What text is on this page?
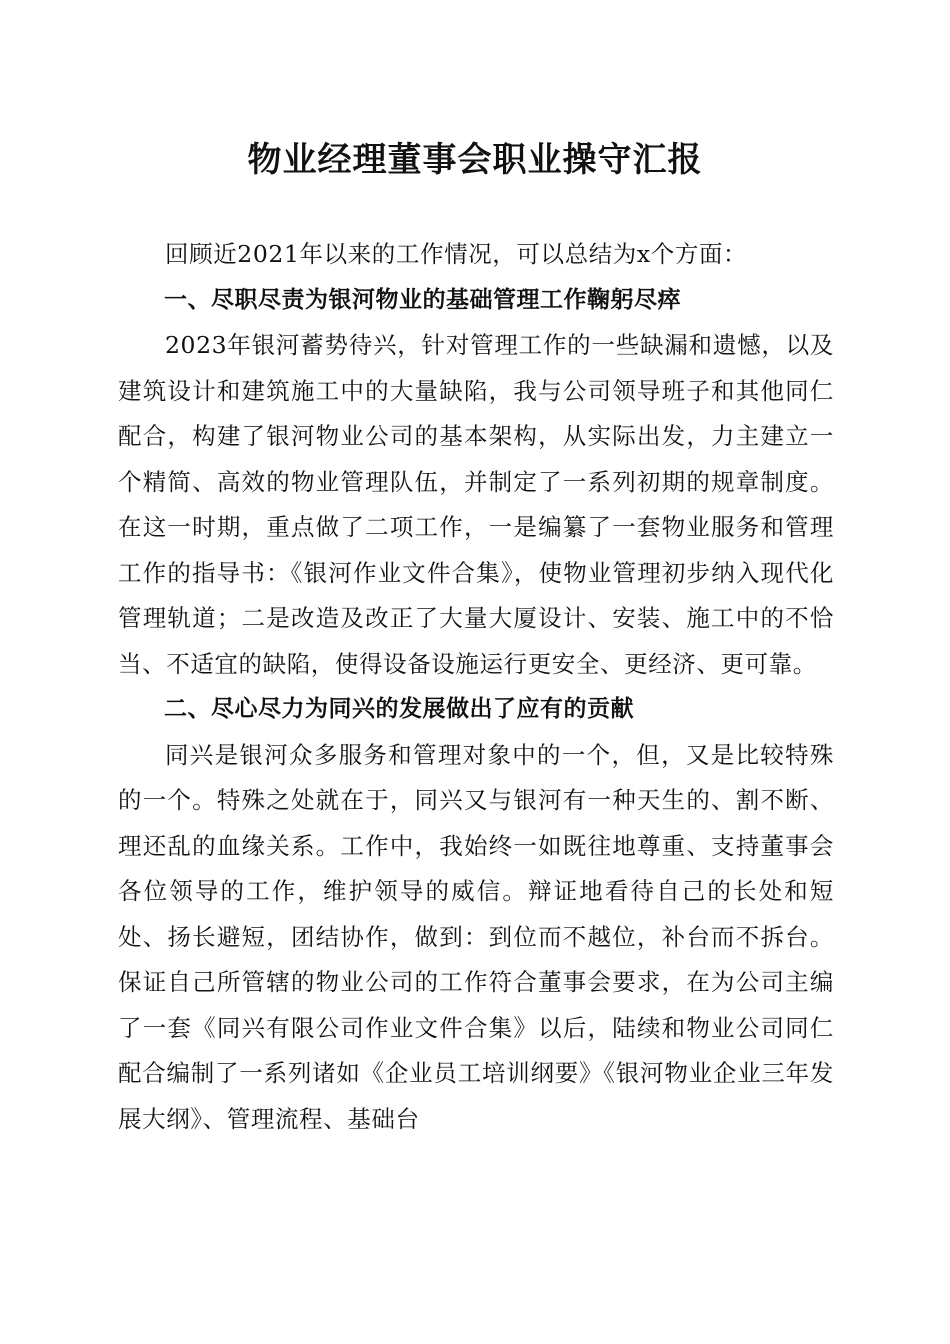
物业经理董事会职业操守汇报

回顾近2021年以来的工作情况，可以总结为x个方面：

一、尽职尽责为银河物业的基础管理工作鞠躬尽瘁

2023年银河蓄势待兴，针对管理工作的一些缺漏和遗憾，以及建筑设计和建筑施工中的大量缺陷，我与公司领导班子和其他同仁配合，构建了银河物业公司的基本架构，从实际出发，力主建立一个精简、高效的物业管理队伍，并制定了一系列初期的规章制度。在这一时期，重点做了二项工作，一是编纂了一套物业服务和管理工作的指导书：《银河作业文件合集》，使物业管理初步纳入现代化管理轨道；二是改造及改正了大量大厦设计、安装、施工中的不恰当、不适宜的缺陷，使得设备设施运行更安全、更经济、更可靠。

二、尽心尽力为同兴的发展做出了应有的贡献

同兴是银河众多服务和管理对象中的一个，但，又是比较特殊的一个。特殊之处就在于，同兴又与银河有一种天生的、割不断、理还乱的血缘关系。工作中，我始终一如既往地尊重、支持董事会各位领导的工作，维护领导的威信。辩证地看待自己的长处和短处、扬长避短，团结协作，做到：到位而不越位，补台而不拆台。保证自己所管辖的物业公司的工作符合董事会要求，在为公司主编了一套《同兴有限公司作业文件合集》以后，陆续和物业公司同仁配合编制了一系列诸如《企业员工培训纲要》《银河物业企业三年发展大纲》、管理流程、基础台
